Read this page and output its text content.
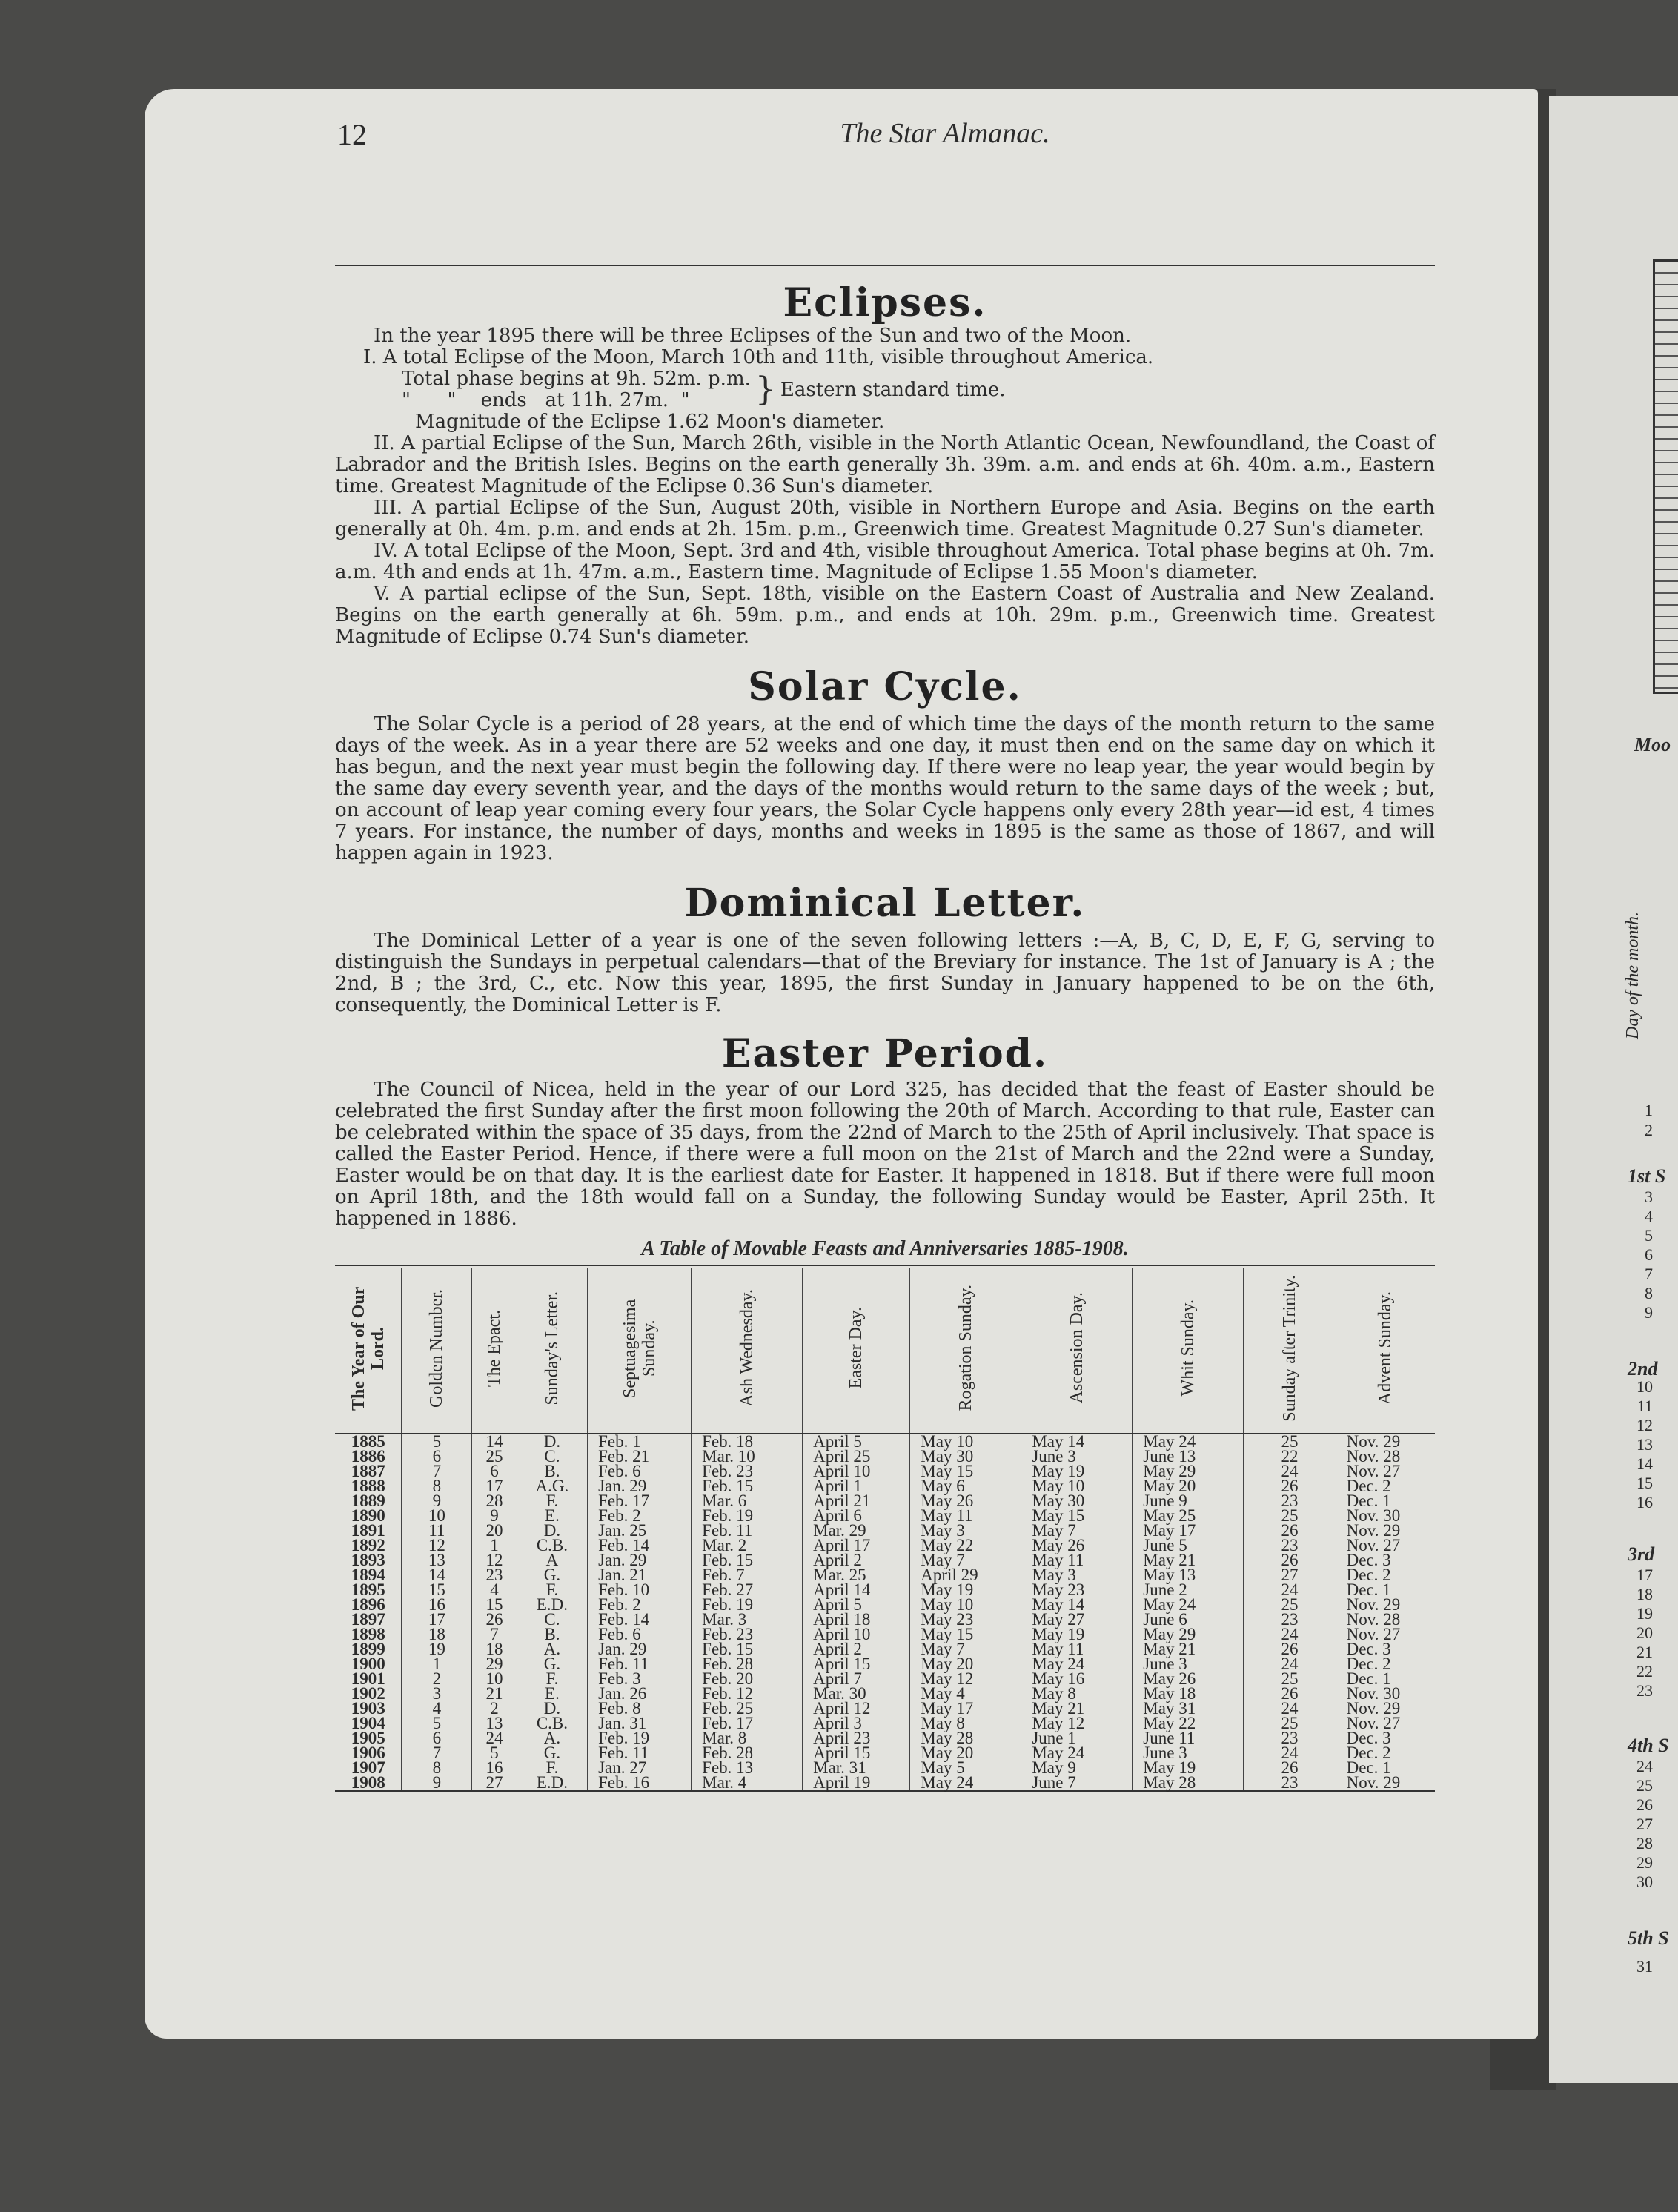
12	The Star Almanac.
Eclipses.

In the year 1895 there will be three Eclipses of the Sun and two of the Moon.

I. A total Eclipse of the Moon, March 10th and 11th, visible throughout America.

Total phase begins at 9h. 52m. p.m.

"      "    ends   at 11h. 27m.  "	} Eastern standard time.

Magnitude of the Eclipse 1.62 Moon's diameter.

II. A partial Eclipse of the Sun, March 26th, visible in the North Atlantic Ocean, Newfoundland, the Coast of Labrador and the British Isles. Begins on the earth generally 3h. 39m. a.m. and ends at 6h. 40m. a.m., Eastern time. Greatest Magnitude of the Eclipse 0.36 Sun's diameter.

III. A partial Eclipse of the Sun, August 20th, visible in Northern Europe and Asia. Begins on the earth generally at 0h. 4m. p.m. and ends at 2h. 15m. p.m., Greenwich time. Greatest Magnitude 0.27 Sun's diameter.

IV. A total Eclipse of the Moon, Sept. 3rd and 4th, visible throughout America. Total phase begins at 0h. 7m. a.m. 4th and ends at 1h. 47m. a.m., Eastern time. Magnitude of Eclipse 1.55 Moon's diameter.

V. A partial eclipse of the Sun, Sept. 18th, visible on the Eastern Coast of Australia and New Zealand. Begins on the earth generally at 6h. 59m. p.m., and ends at 10h. 29m. p.m., Greenwich time. Greatest Magnitude of Eclipse 0.74 Sun's diameter.

Solar Cycle.

The Solar Cycle is a period of 28 years, at the end of which time the days of the month return to the same days of the week. As in a year there are 52 weeks and one day, it must then end on the same day on which it has begun, and the next year must begin the following day. If there were no leap year, the year would begin by the same day every seventh year, and the days of the months would return to the same days of the week ; but, on account of leap year coming every four years, the Solar Cycle happens only every 28th year—id est, 4 times 7 years. For instance, the number of days, months and weeks in 1895 is the same as those of 1867, and will happen again in 1923.

Dominical Letter.

The Dominical Letter of a year is one of the seven following letters :—A, B, C, D, E, F, G, serving to distinguish the Sundays in perpetual calendars—that of the Breviary for instance. The 1st of January is A ; the 2nd, B ; the 3rd, C., etc. Now this year, 1895, the first Sunday in January happened to be on the 6th, consequently, the Dominical Letter is F.

Easter Period.

The Council of Nicea, held in the year of our Lord 325, has decided that the feast of Easter should be celebrated the first Sunday after the first moon following the 20th of March. According to that rule, Easter can be celebrated within the space of 35 days, from the 22nd of March to the 25th of April inclusively. That space is called the Easter Period. Hence, if there were a full moon on the 21st of March and the 22nd were a Sunday, Easter would be on that day. It is the earliest date for Easter. It happened in 1818. But if there were full moon on April 18th, and the 18th would fall on a Sunday, the following Sunday would be Easter, April 25th. It happened in 1886.

A Table of Movable Feasts and Anniversaries 1885-1908.
The Year of Our Lord.	Golden Number.	The Epact.	Sunday's Letter.	Septuagesima Sunday.	Ash Wednesday.	Easter Day.	Rogation Sunday.	Ascension Day.	Whit Sunday.	Sunday after Trinity.	Advent Sunday.
1885	5	14	D.	Feb. 1	Feb. 18	April 5	May 10	May 14	May 24	25	Nov. 29
1886	6	25	C.	Feb. 21	Mar. 10	April 25	May 30	June 3	June 13	22	Nov. 28
1887	7	6	B.	Feb. 6	Feb. 23	April 10	May 15	May 19	May 29	24	Nov. 27
1888	8	17	A.G.	Jan. 29	Feb. 15	April 1	May 6	May 10	May 20	26	Dec. 2
1889	9	28	F.	Feb. 17	Mar. 6	April 21	May 26	May 30	June 9	23	Dec. 1
1890	10	9	E.	Feb. 2	Feb. 19	April 6	May 11	May 15	May 25	25	Nov. 30
1891	11	20	D.	Jan. 25	Feb. 11	Mar. 29	May 3	May 7	May 17	26	Nov. 29
1892	12	1	C.B.	Feb. 14	Mar. 2	April 17	May 22	May 26	June 5	23	Nov. 27
1893	13	12	A	Jan. 29	Feb. 15	April 2	May 7	May 11	May 21	26	Dec. 3
1894	14	23	G.	Jan. 21	Feb. 7	Mar. 25	April 29	May 3	May 13	27	Dec. 2
1895	15	4	F.	Feb. 10	Feb. 27	April 14	May 19	May 23	June 2	24	Dec. 1
1896	16	15	E.D.	Feb. 2	Feb. 19	April 5	May 10	May 14	May 24	25	Nov. 29
1897	17	26	C.	Feb. 14	Mar. 3	April 18	May 23	May 27	June 6	23	Nov. 28
1898	18	7	B.	Feb. 6	Feb. 23	April 10	May 15	May 19	May 29	24	Nov. 27
1899	19	18	A.	Jan. 29	Feb. 15	April 2	May 7	May 11	May 21	26	Dec. 3
1900	1	29	G.	Feb. 11	Feb. 28	April 15	May 20	May 24	June 3	24	Dec. 2
1901	2	10	F.	Feb. 3	Feb. 20	April 7	May 12	May 16	May 26	25	Dec. 1
1902	3	21	E.	Jan. 26	Feb. 12	Mar. 30	May 4	May 8	May 18	26	Nov. 30
1903	4	2	D.	Feb. 8	Feb. 25	April 12	May 17	May 21	May 31	24	Nov. 29
1904	5	13	C.B.	Jan. 31	Feb. 17	April 3	May 8	May 12	May 22	25	Nov. 27
1905	6	24	A.	Feb. 19	Mar. 8	April 23	May 28	June 1	June 11	23	Dec. 3
1906	7	5	G.	Feb. 11	Feb. 28	April 15	May 20	May 24	June 3	24	Dec. 2
1907	8	16	F.	Jan. 27	Feb. 13	Mar. 31	May 5	May 9	May 19	26	Dec. 1
1908	9	27	E.D.	Feb. 16	Mar. 4	April 19	May 24	June 7	May 28	23	Nov. 29
Moo
Day of the month.
1st S
2nd
3rd
4th S
5th S
1
2
3
4
5
6
7
8
9
10
11
12
13
14
15
16
17
18
19
20
21
22
23
24
25
26
27
28
29
30
31
